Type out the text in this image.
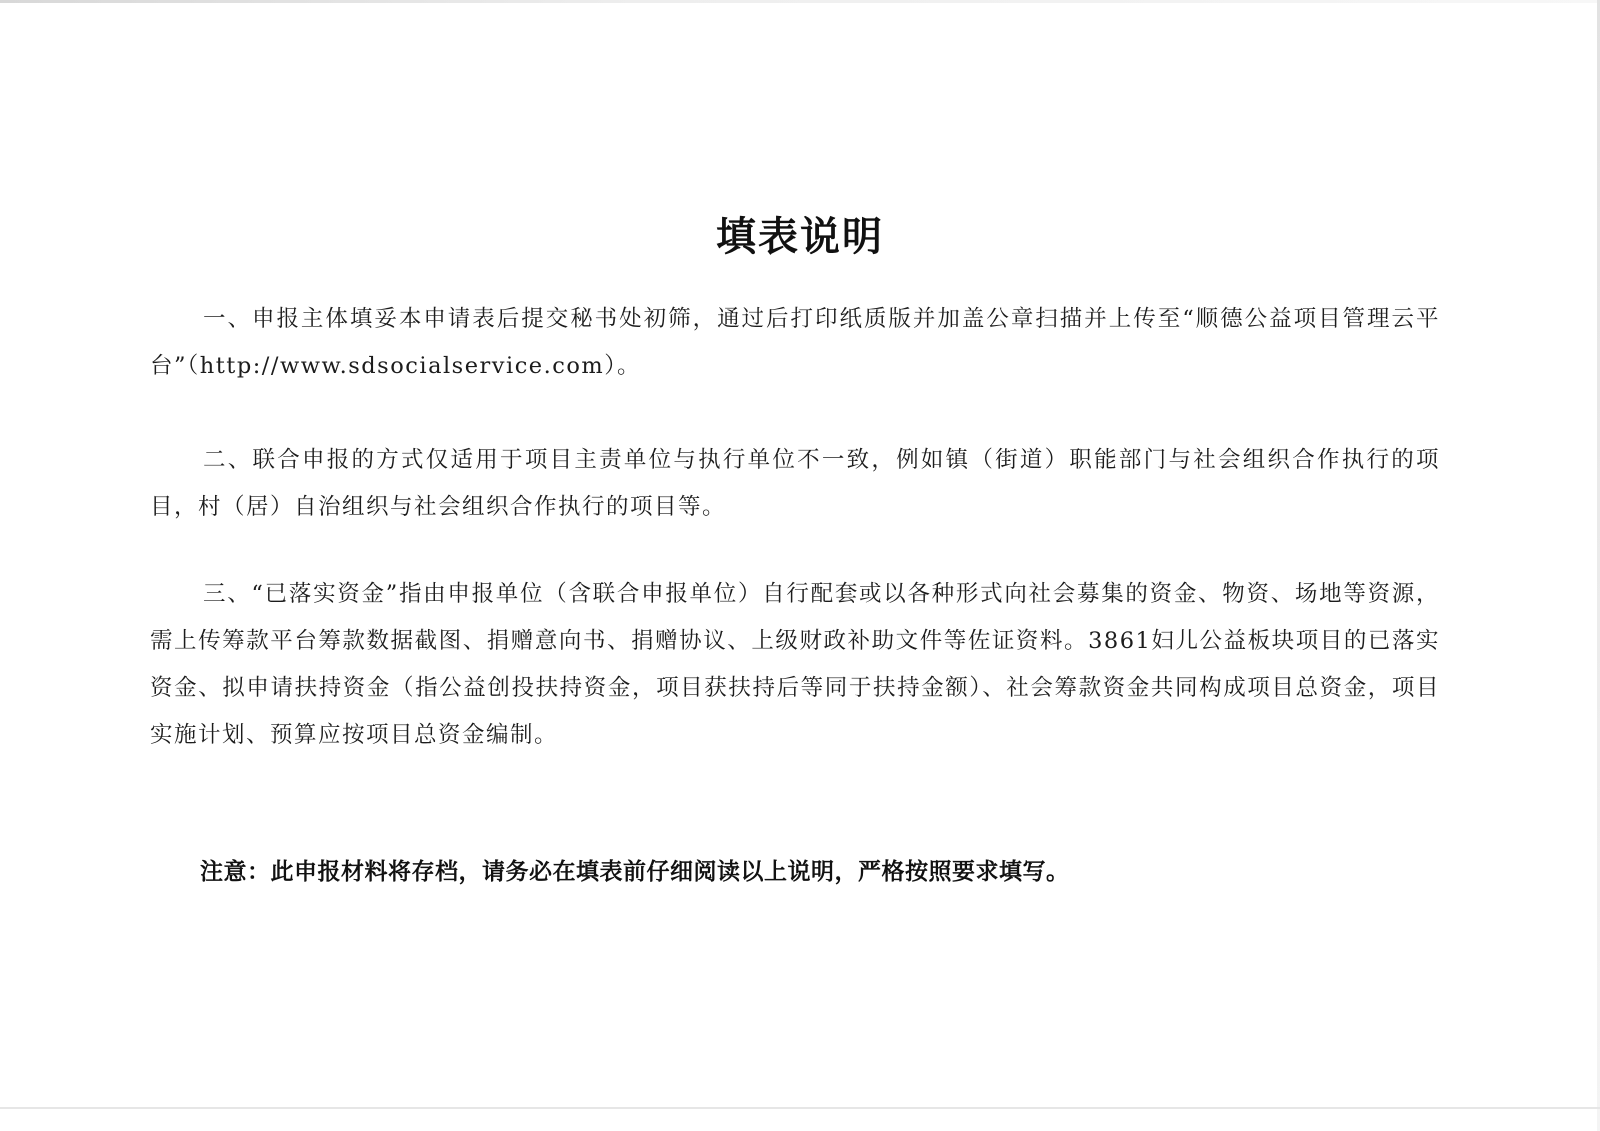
填表说明

一、申报主体填妥本申请表后提交秘书处初筛，通过后打印纸质版并加盖公章扫描并上传至“顺德公益项目管理云平台”（http://www.sdsocialservice.com）。

二、联合申报的方式仅适用于项目主责单位与执行单位不一致，例如镇（街道）职能部门与社会组织合作执行的项目，村（居）自治组织与社会组织合作执行的项目等。

三、“已落实资金”指由申报单位（含联合申报单位）自行配套或以各种形式向社会募集的资金、物资、场地等资源，需上传筹款平台筹款数据截图、捐赠意向书、捐赠协议、上级财政补助文件等佐证资料。3861妇儿公益板块项目的已落实资金、拟申请扶持资金（指公益创投扶持资金，项目获扶持后等同于扶持金额）、社会筹款资金共同构成项目总资金，项目实施计划、预算应按项目总资金编制。

注意：此申报材料将存档，请务必在填表前仔细阅读以上说明，严格按照要求填写。
